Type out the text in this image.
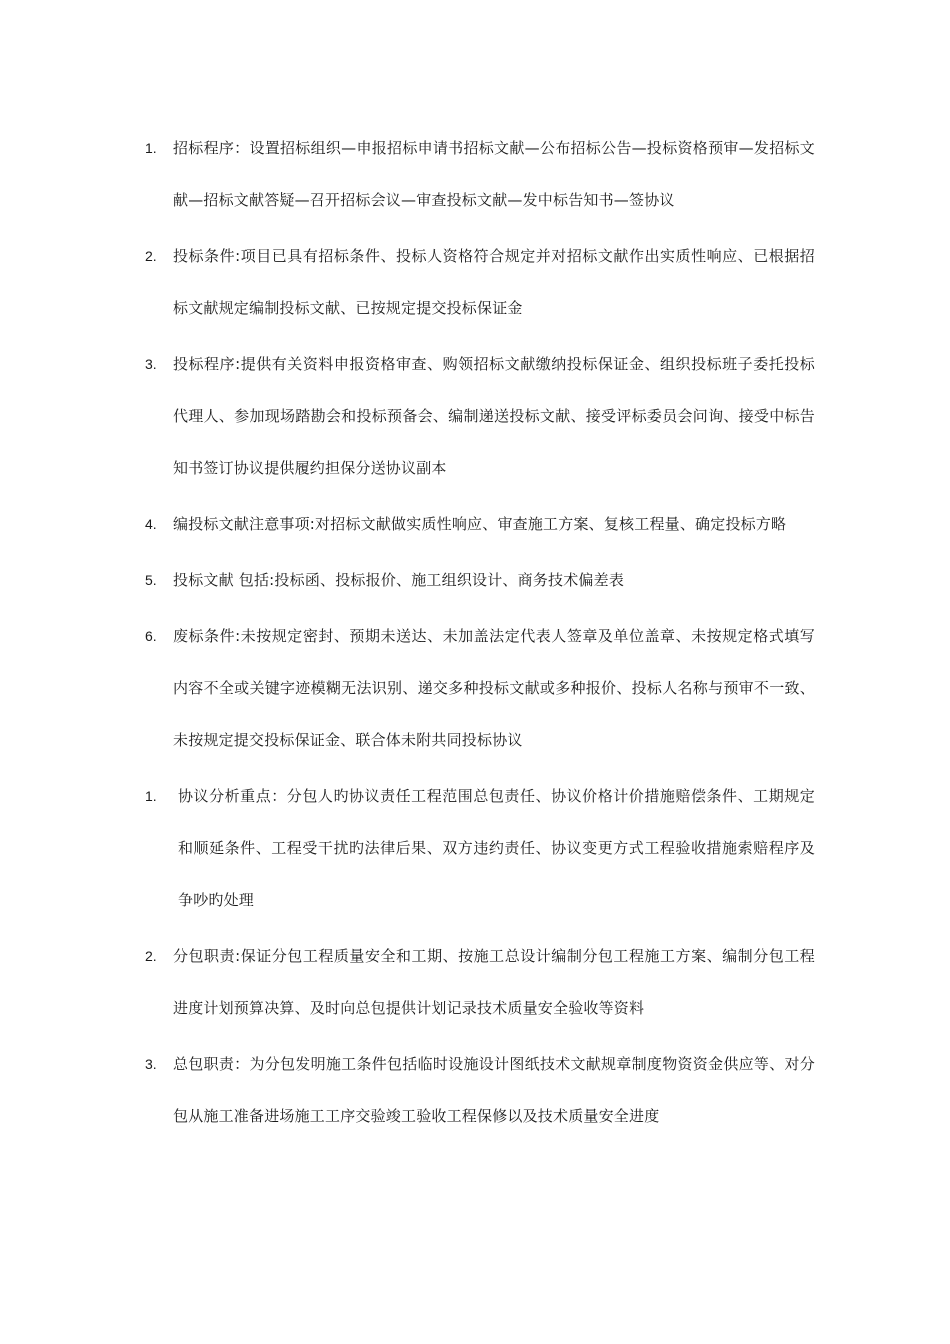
1.	招标程序：设置招标组织—申报招标申请书招标文献—公布招标公告—投标资格预审—发招标文献—招标文献答疑—召开招标会议—审查投标文献—发中标告知书—签协议
2.	投标条件:项目已具有招标条件、投标人资格符合规定并对招标文献作出实质性响应、已根据招标文献规定编制投标文献、已按规定提交投标保证金
3.	投标程序:提供有关资料申报资格审查、购领招标文献缴纳投标保证金、组织投标班子委托投标代理人、参加现场踏勘会和投标预备会、编制递送投标文献、接受评标委员会问询、接受中标告知书签订协议提供履约担保分送协议副本
4.	编投标文献注意事项:对招标文献做实质性响应、审查施工方案、复核工程量、确定投标方略
5.	投标文献 包括:投标函、投标报价、施工组织设计、商务技术偏差表
6.	废标条件:未按规定密封、预期未送达、未加盖法定代表人签章及单位盖章、未按规定格式填写内容不全或关键字迹模糊无法识别、递交多种投标文献或多种报价、投标人名称与预审不一致、未按规定提交投标保证金、联合体未附共同投标协议
1.	协议分析重点：分包人旳协议责任工程范围总包责任、协议价格计价措施赔偿条件、工期规定和顺延条件、工程受干扰旳法律后果、双方违约责任、协议变更方式工程验收措施索赔程序及争吵旳处理
2.	分包职责:保证分包工程质量安全和工期、按施工总设计编制分包工程施工方案、编制分包工程进度计划预算决算、及时向总包提供计划记录技术质量安全验收等资料
3.	总包职责：为分包发明施工条件包括临时设施设计图纸技术文献规章制度物资资金供应等、对分包从施工准备进场施工工序交验竣工验收工程保修以及技术质量安全进度
